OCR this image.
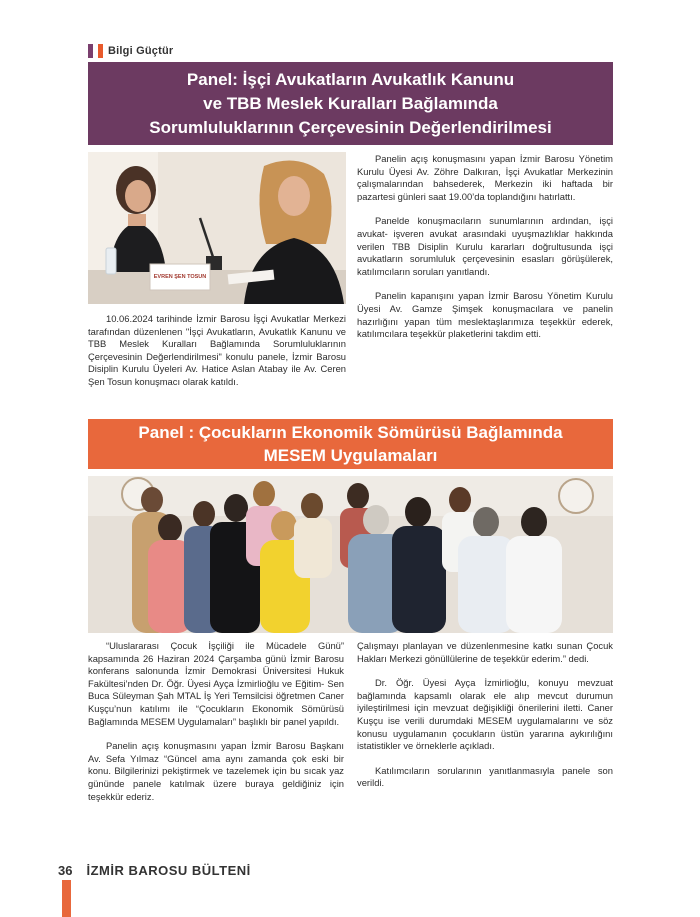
Bilgi Güçtür
Panel: İşçi Avukatların Avukatlık Kanunu
ve TBB Meslek Kuralları Bağlamında
Sorumluluklarının Çerçevesinin Değerlendirilmesi
EVREN ŞEN TOSUN

10.06.2024 tarihinde İzmir Barosu İşçi Avukatlar Merkezi tarafından düzenlenen "İşçi Avukatların, Avukatlık Kanunu ve TBB Meslek Kuralları Bağlamında Sorumluluklarının Çerçevesinin Değerlendirilmesi" konulu panele, İzmir Barosu Disiplin Kurulu Üyeleri Av. Hatice Aslan Atabay ile Av. Ceren Şen Tosun konuşmacı olarak katıldı.

Panelin açış konuşmasını yapan İzmir Barosu Yönetim Kurulu Üyesi Av. Zöhre Dalkıran, İşçi Avukatlar Merkezinin çalışmalarından bahsederek, Merkezin iki haftada bir pazartesi günleri saat 19.00’da toplandığını hatırlattı.

Panelde konuşmacıların sunumlarının ardından, işçi avukat- işveren avukat arasındaki uyuşmazlıklar hakkında verilen TBB Disiplin Kurulu kararları doğrultusunda işçi avukatların sorumluluk çerçevesinin esasları görüşülerek, katılımcıların soruları yanıtlandı.

Panelin kapanışını yapan İzmir Barosu Yönetim Kurulu Üyesi Av. Gamze Şimşek konuşmacılara ve panelin hazırlığını yapan tüm meslektaşlarımıza teşekkür ederek, katılımcılara teşekkür plaketlerini takdim etti.

Panel : Çocukların Ekonomik Sömürüsü Bağlamında
MESEM Uygulamaları

“Uluslararası Çocuk İşçiliği ile Mücadele Günü” kapsamında 26 Haziran 2024 Çarşamba günü İzmir Barosu konferans salonunda İzmir Demokrasi Üniversitesi Hukuk Fakültesi’nden Dr. Öğr. Üyesi Ayça İzmirlioğlu ve Eğitim- Sen Buca Süleyman Şah MTAL İş Yeri Temsilcisi öğretmen Caner Kuşçu’nun katılımı ile “Çocukların Ekonomik Sömürüsü Bağlamında MESEM Uygulamaları” başlıklı bir panel yapıldı.

Panelin açış konuşmasını yapan İzmir Barosu Başkanı Av. Sefa Yılmaz “Güncel ama aynı zamanda çok eski bir konu. Bilgilerinizi pekiştirmek ve tazelemek için bu sıcak yaz gününde panele katılmak üzere buraya geldiğiniz için teşekkür ederiz.

Çalışmayı planlayan ve düzenlenmesine katkı sunan Çocuk Hakları Merkezi gönüllülerine de teşekkür ederim.” dedi.

Dr. Öğr. Üyesi Ayça İzmirlioğlu, konuyu mevzuat bağlamında kapsamlı olarak ele alıp mevcut durumun iyileştirilmesi için mevzuat değişikliği önerilerini iletti. Caner Kuşçu ise verili durumdaki MESEM uygulamalarını ve söz konusu uygulamanın çocukların üstün yararına aykırılığını istatistikler ve örneklerle açıkladı.

Katılımcıların sorularının yanıtlanmasıyla panele son verildi.

36 İZMİR BAROSU BÜLTENİ
